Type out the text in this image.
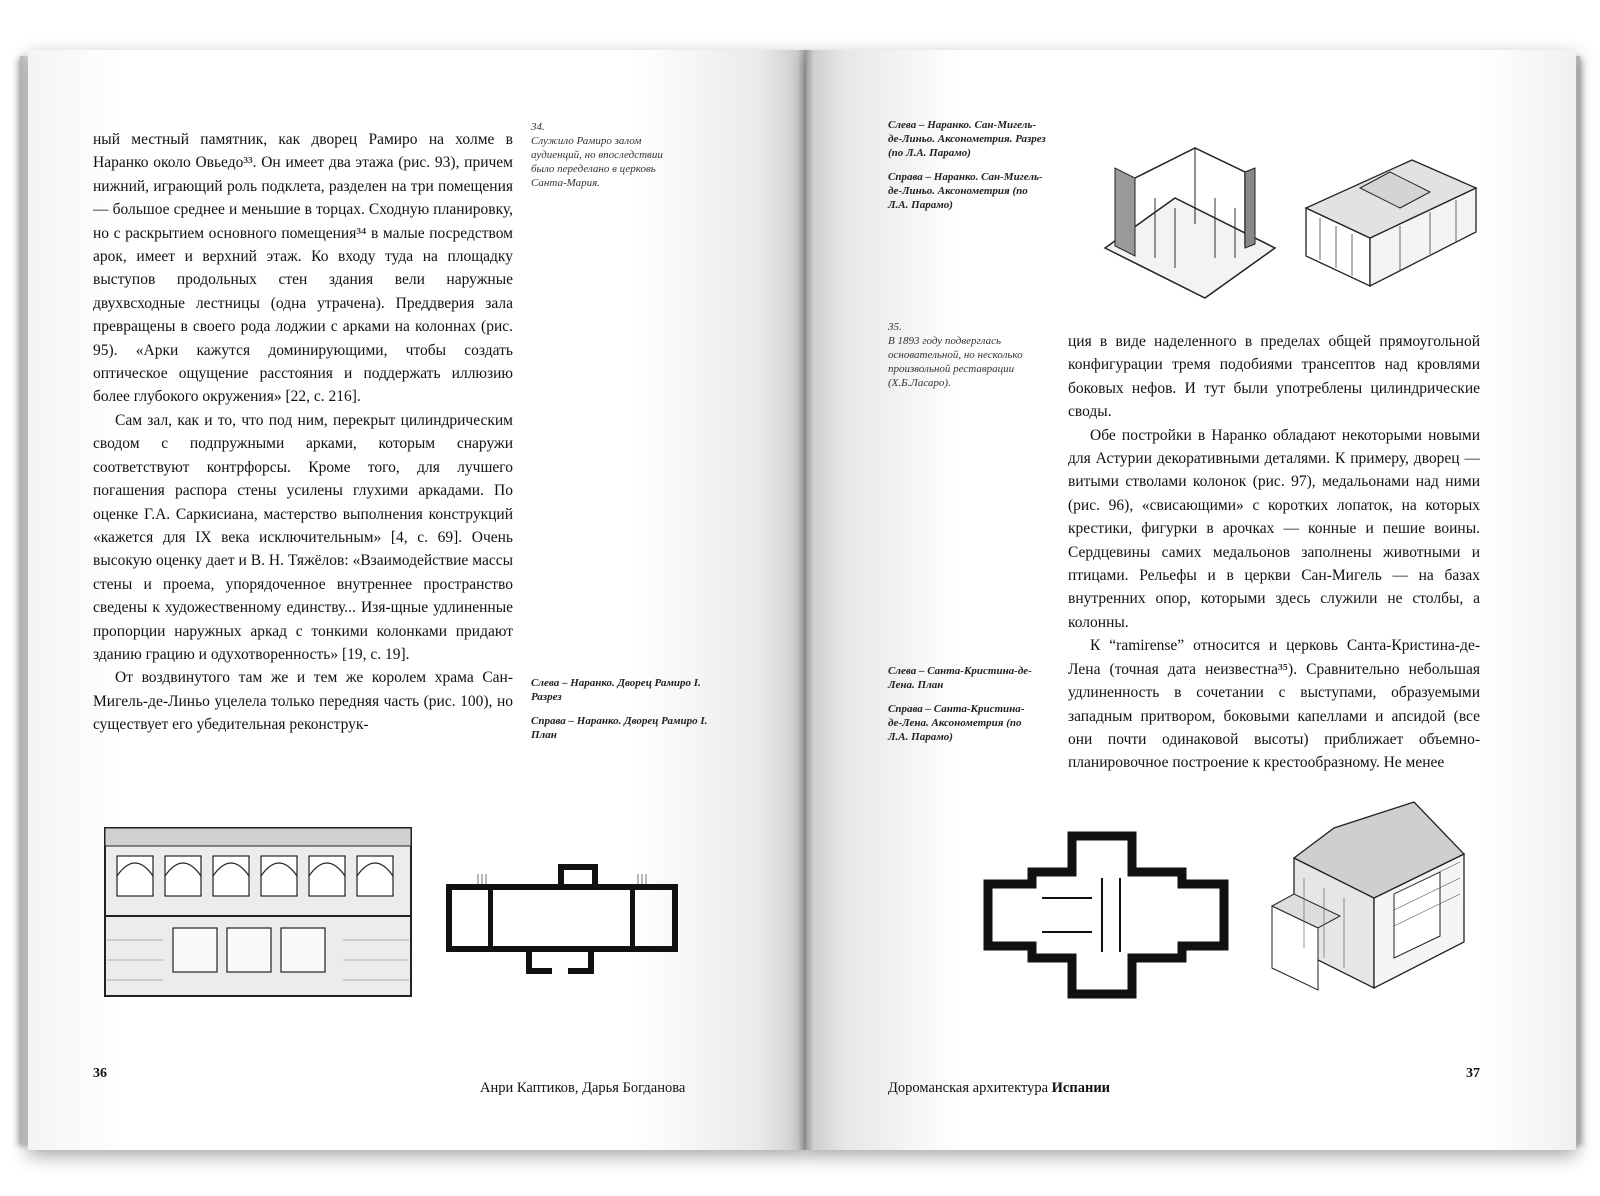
ный местный памятник, как дворец Рамиро на холме в Наранко около Овьедо³³. Он имеет два этажа (рис. 93), причем нижний, играющий роль подклета, разделен на три помещения — большое среднее и меньшие в торцах. Сходную планировку, но с раскрытием основного помещения³⁴ в малые посредством арок, имеет и верхний этаж. Ко входу туда на площадку выступов продольных стен здания вели наружные двухвсходные лестницы (одна утрачена). Преддверия зала превращены в своего рода лоджии с арками на колоннах (рис. 95). «Арки кажутся доминирующими, чтобы создать оптическое ощущение расстояния и поддержать иллюзию более глубокого окружения» [22, с. 216].

Сам зал, как и то, что под ним, перекрыт цилиндрическим сводом с подпружными арками, которым снаружи соответствуют контрфорсы. Кроме того, для лучшего погашения распора стены усилены глухими аркадами. По оценке Г.А. Саркисиана, мастерство выполнения конструкций «кажется для IX века исключительным» [4, с. 69]. Очень высокую оценку дает и В. Н. Тяжёлов: «Взаимодействие массы стены и проема, упорядоченное внутреннее пространство сведены к художественному единству... Изя-щные удлиненные пропорции наружных аркад с тонкими колонками придают зданию грацию и одухотворенность» [19, с. 19].

От воздвинутого там же и тем же королем храма Сан-Мигель-де-Линьо уцелела только передняя часть (рис. 100), но существует его убедительная реконструк-

34.
Служило Рамиро залом аудиенций, но впоследствии было переделано в церковь Санта-Мария.

Слева – Наранко. Дворец Рамиро I. Разрез
Справа – Наранко. Дворец Рамиро I. План
36
Анри Каптиков, Дарья Богданова
Слева – Наранко. Сан-Мигель-де-Линьо. Аксонометрия. Разрез (по Л.А. Парамо)
Справа – Наранко. Сан-Мигель-де-Линьо. Аксонометрия (по Л.А. Парамо)

35.
В 189‍3 году подверглась основательной, но несколько произвольной реставрации (Х.Б.Ласаро).

ция в виде наделенного в пределах общей прямоугольной конфигурации тремя подобиями трансептов над кровлями боковых нефов. И тут были употреблены цилиндрические своды.

Обе постройки в Наранко обладают некоторыми новыми для Астурии декоративными деталями. К примеру, дворец — витыми стволами колонок (рис. 97), медальонами над ними (рис. 96), «свисающими» с коротких лопаток, на которых крестики, фигурки в арочках — конные и пешие воины. Сердцевины самих медальонов заполнены животными и птицами. Рельефы и в церкви Сан-Мигель — на базах внутренних опор, которыми здесь служили не столбы, а колонны.

К “ramirense” относится и церковь Санта-Кристина-де-Лена (точная дата неизвестна³⁵). Сравнительно небольшая удлиненность в сочетании с выступами, образуемыми западным притвором, боковыми капеллами и апсидой (все они почти одинаковой высоты) приближает объемно-планировочное построение к крестообразному. Не менее

Слева – Санта-Кристина-де-Лена. План
Справа – Санта-Кристина-де-Лена. Аксонометрия (по Л.А. Парамо)
Дороманская архитектура Испании
37
